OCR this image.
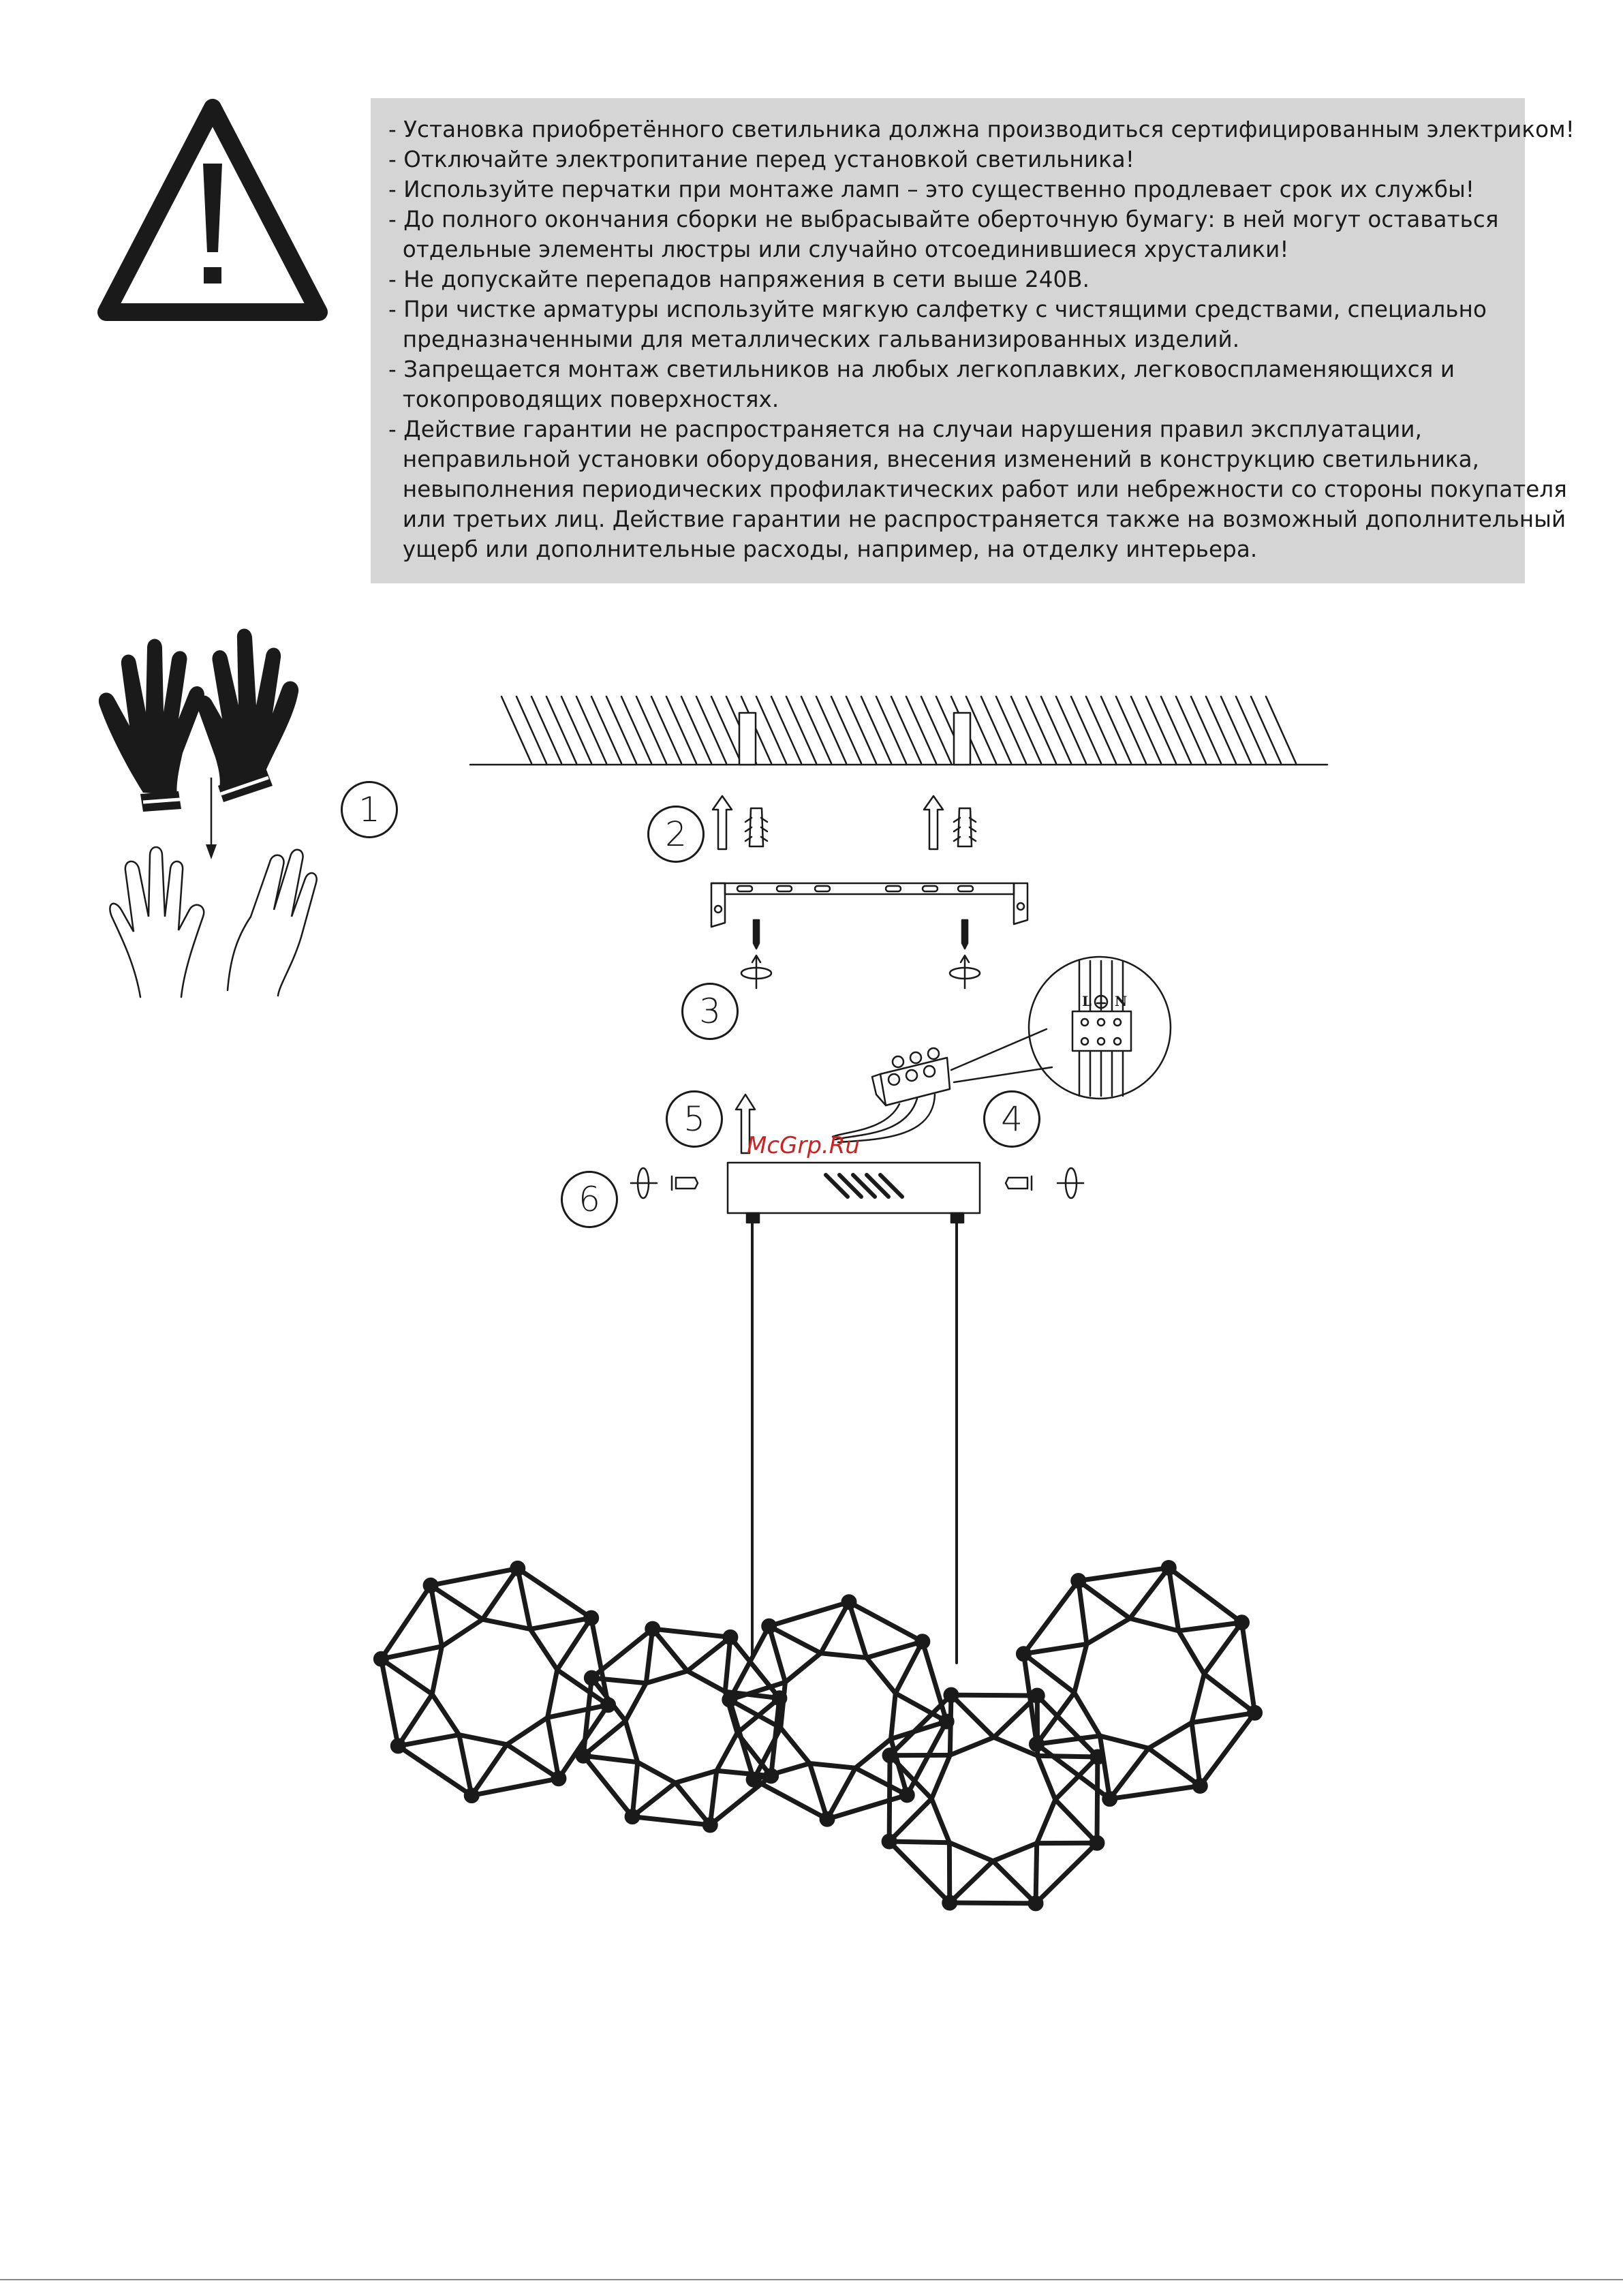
- Установка приобретённого светильника должна производиться сертифицированным электриком!
- Отключайте электропитание перед установкой светильника!
- Используйте перчатки при монтаже ламп – это существенно продлевает срок их службы!
- До полного окончания сборки не выбрасывайте оберточную бумагу: в ней могут оставаться
отдельные элементы люстры или случайно отсоединившиеся хрусталики!
- Не допускайте перепадов напряжения в сети выше 240В.
- При чистке арматуры используйте мягкую салфетку с чистящими средствами, специально
предназначенными для металлических гальванизированных изделий.
- Запрещается монтаж светильников на любых легкоплавких, легковоспламеняющихся и
токопроводящих поверхностях.
- Действие гарантии не распространяется на случаи нарушения правил эксплуатации,
неправильной установки оборудования, внесения изменений в конструкцию светильника,
невыполнения периодических профилактических работ или небрежности со стороны покупателя
или третьих лиц. Действие гарантии не распространяется также на возможный дополнительный
ущерб или дополнительные расходы, например, на отделку интерьера.
1
2
3
4
5
6
L N
McGrp.Ru
